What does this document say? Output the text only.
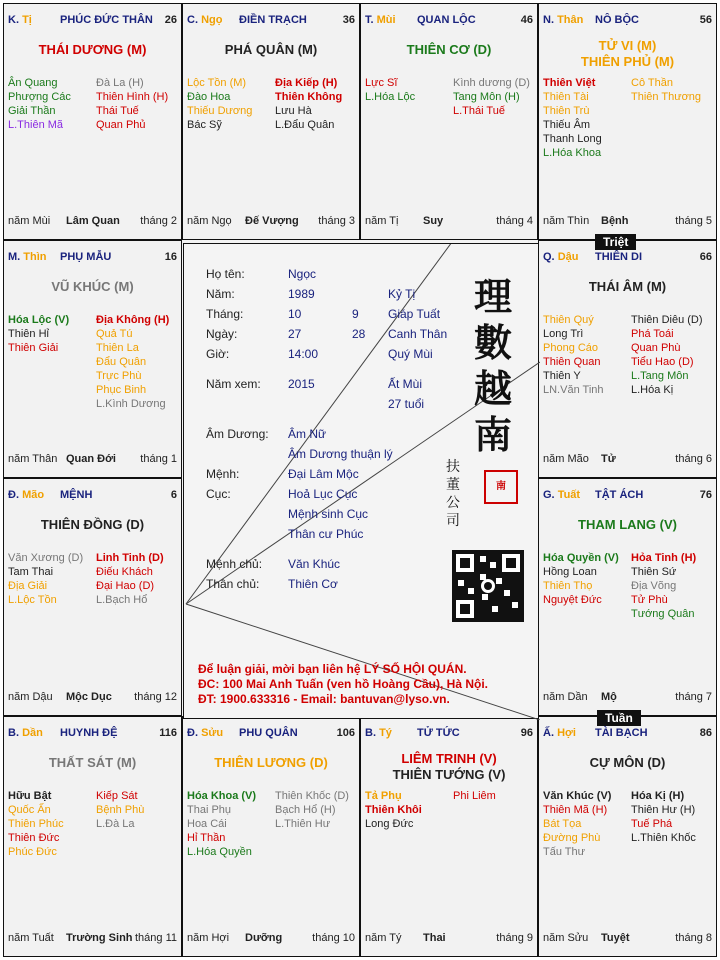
K. Tị	PHÚC ĐỨC THÂN 26
THÁI DƯƠNG (M)
Ân Quang
Phượng Các
Giải Thần
L.Thiên Mã
Đà La (H)
Thiên Hình (H)
Thái Tuế
Quan Phủ
năm Mùi Lâm Quan tháng 2
C. Ngọ ĐIỀN TRẠCH	36
PHÁ QUÂN (M)
Lộc Tồn (M)
Đào Hoa
Thiếu Dương
Bác Sỹ
Địa Kiếp (H)
Thiên Không
Lưu Hà
L.Đẩu Quân
năm Ngọ Đế Vượng tháng 3
T. Mùi QUAN LỘC	46
THIÊN CƠ (D)
Lực Sĩ
L.Hóa Lộc
Kình dương (D)
Tang Môn (H)
L.Thái Tuế
năm Tị Suy	tháng 4
N. Thân NÔ BỘC	56
TỬ VI (M)
THIÊN PHỦ (M)
Thiên Việt
Thiên Tài
Thiên Trù
Thiếu Âm
Thanh Long
L.Hóa Khoa
Cô Thần
Thiên Thương
năm Thìn Bệnh	tháng 5
M. Thìn PHỤ MẪU	16
VŨ KHÚC (M)
Hóa Lộc (V)
Thiên Hỉ
Thiên Giải
Địa Không (H)
Quả Tú
Thiên La
Đẩu Quân
Trực Phù
Phục Binh
L.Kình Dương
năm Thân Quan Đới tháng 1
Q. Dậu THIÊN DI	66
THÁI ÂM (M)
Thiên Quý
Long Trì
Phong Cáo
Thiên Quan
Thiên Y
LN.Văn Tinh
Thiên Diêu (D)
Phá Toái
Quan Phù
Tiểu Hao (D)
L.Tang Môn
L.Hóa Kị
năm Mão Tử	tháng 6
Đ. Mão MỆNH	6
THIÊN ĐỒNG (D)
Văn Xương (D)
Tam Thai
Địa Giải
L.Lộc Tồn
Linh Tinh (D)
Điếu Khách
Đại Hao (D)
L.Bạch Hổ
năm Dậu Mộc Dục tháng 12
G. Tuất TẬT ÁCH	76
THAM LANG (V)
Hóa Quyền (V)
Hồng Loan
Thiên Thọ
Nguyệt Đức
Hỏa Tinh (H)
Thiên Sứ
Địa Võng
Tử Phù
Tướng Quân
năm Dần Mộ	tháng 7
B. Dần HUYNH ĐỆ	116
THẤT SÁT (M)
Hữu Bật
Quốc Ấn
Thiên Phúc
Thiên Đức
Phúc Đức
Kiếp Sát
Bệnh Phù
L.Đà La
năm Tuất Trường Sinh tháng 11
Đ. Sửu PHU QUÂN	106
THIÊN LƯƠNG (D)
Hóa Khoa (V)
Thai Phụ
Hoa Cái
Hỉ Thần
L.Hóa Quyền
Thiên Khốc (D)
Bạch Hổ (H)
L.Thiên Hư
năm Hợi Dưỡng	tháng 10
B. Tý TỬ TỨC	96
LIÊM TRINH (V)
THIÊN TƯỚNG (V)
Tả Phụ
Thiên Khôi
Long Đức
Phi Liêm
năm Tý Thai	tháng 9
Ấ. Hợi TÀI BẠCH	86
CỰ MÔN (D)
Văn Khúc (V)
Thiên Mã (H)
Bát Tọa
Đường Phù
Tấu Thư
Hóa Kị (H)
Thiên Hư (H)
Tuế Phá
L.Thiên Khốc
năm Sửu Tuyệt	tháng 8
Họ tên:	Ngọc
Năm:	1989	Kỷ Tị
Tháng:	10	9 Giáp Tuất
Ngày:	27	28 Canh Thân
Giờ:	14:00	Quý Mùi
Năm xem: 2015	Ất Mùi
27 tuổi
Âm Dương: Âm Nữ
Âm Dương thuận lý
Mệnh:	Đại Lâm Mộc
Cục:	Hoả Lục Cục
Mệnh sinh Cục
Thân cư Phúc
Mệnh chủ: Văn Khúc
Thân chủ: Thiên Cơ
理
數
越
南
扶
董
公
司
南
Để luận giải, mời bạn liên hệ LÝ SỐ HỘI QUÁN.
ĐC: 100 Mai Anh Tuấn (ven hồ Hoàng Cầu), Hà Nội.
ĐT: 1900.633316 - Email: bantuvan@lyso.vn.
Triệt
Tuần
